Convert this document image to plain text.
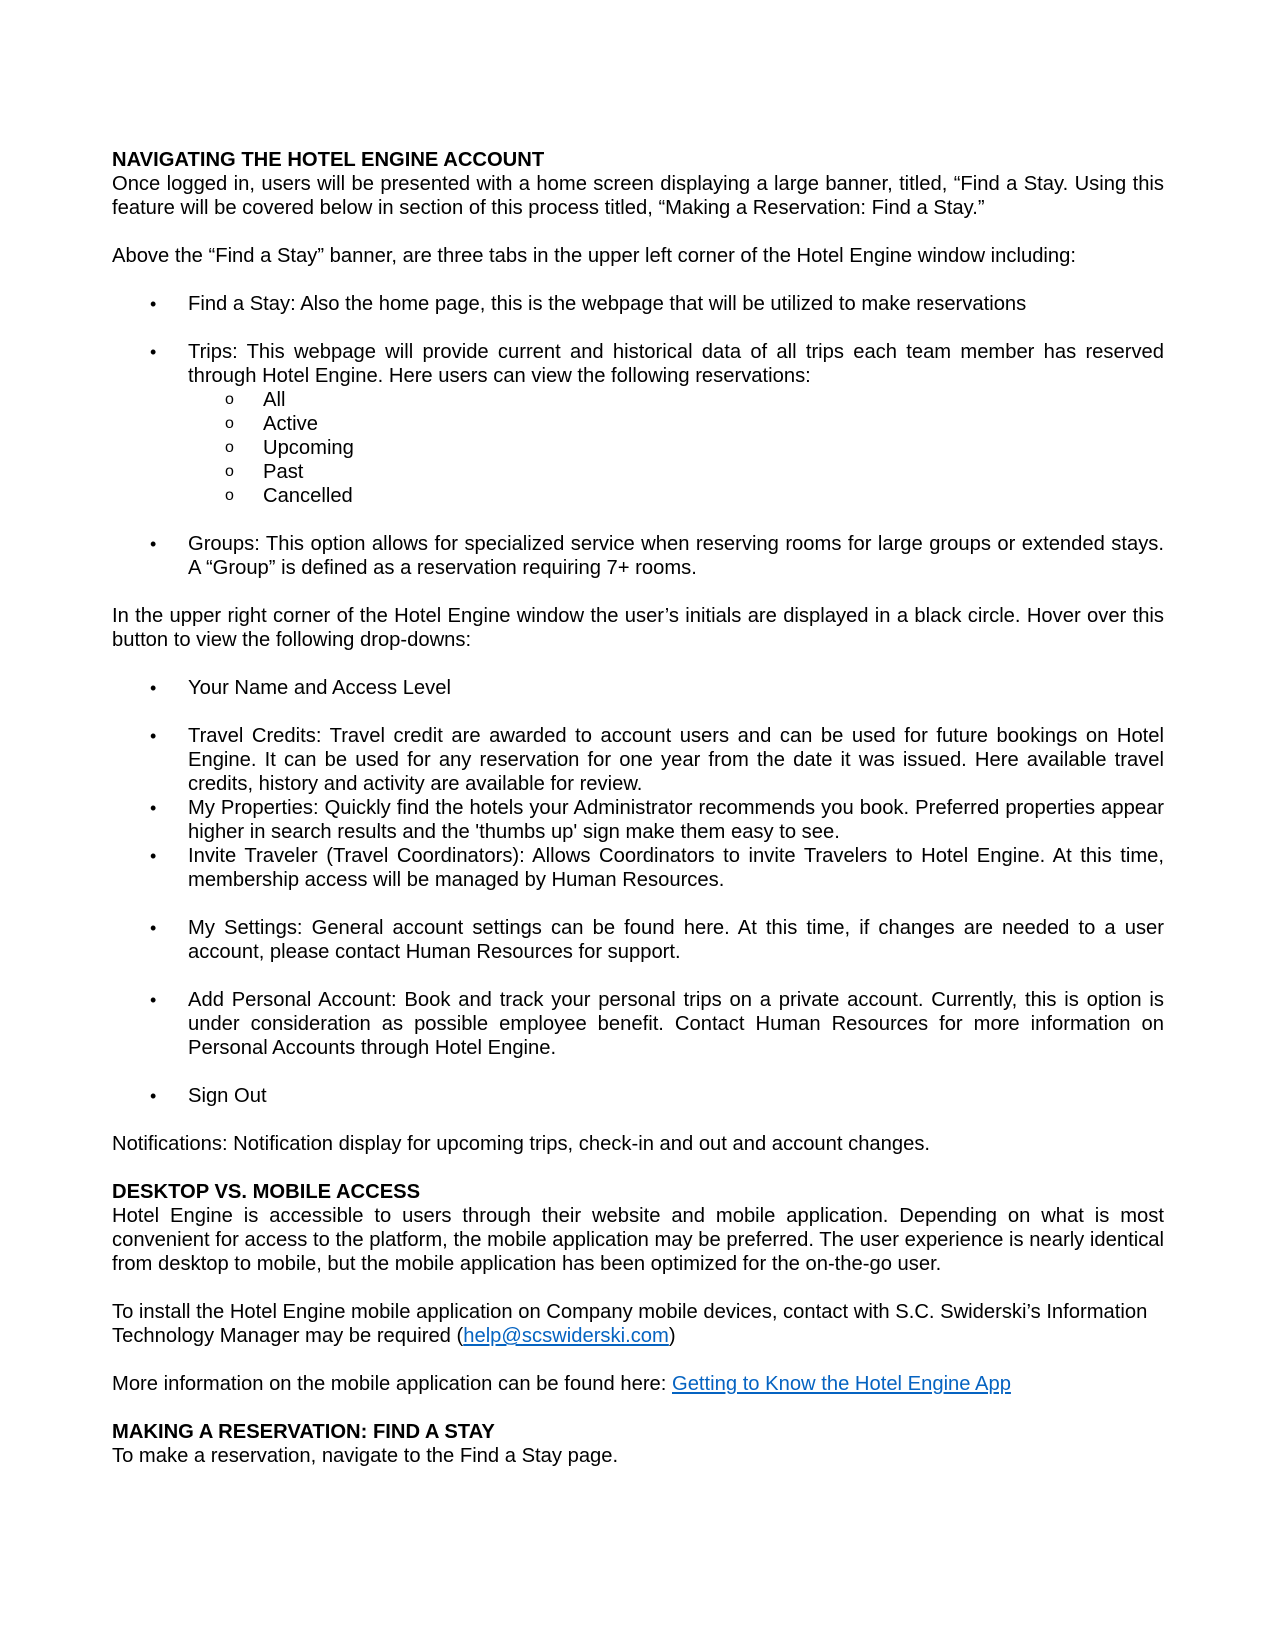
NAVIGATING THE HOTEL ENGINE ACCOUNT

Once logged in, users will be presented with a home screen displaying a large banner, titled, “Find a Stay. Using this feature will be covered below in section of this process titled, “Making a Reservation: Find a Stay.”

Above the “Find a Stay” banner, are three tabs in the upper left corner of the Hotel Engine window including:

• Find a Stay: Also the home page, this is the webpage that will be utilized to make reservations
• Trips: This webpage will provide current and historical data of all trips each team member has reserved through Hotel Engine. Here users can view the following reservations:
o All
o Active
o Upcoming
o Past
o Cancelled
• Groups: This option allows for specialized service when reserving rooms for large groups or extended stays. A “Group” is defined as a reservation requiring 7+ rooms.

In the upper right corner of the Hotel Engine window the user’s initials are displayed in a black circle. Hover over this button to view the following drop-downs:

• Your Name and Access Level
• Travel Credits: Travel credit are awarded to account users and can be used for future bookings on Hotel Engine. It can be used for any reservation for one year from the date it was issued. Here available travel credits, history and activity are available for review.
• My Properties: Quickly find the hotels your Administrator recommends you book. Preferred properties appear higher in search results and the 'thumbs up' sign make them easy to see.
• Invite Traveler (Travel Coordinators): Allows Coordinators to invite Travelers to Hotel Engine. At this time, membership access will be managed by Human Resources.
• My Settings: General account settings can be found here. At this time, if changes are needed to a user account, please contact Human Resources for support.
• Add Personal Account: Book and track your personal trips on a private account. Currently, this is option is under consideration as possible employee benefit. Contact Human Resources for more information on Personal Accounts through Hotel Engine.
• Sign Out

Notifications: Notification display for upcoming trips, check-in and out and account changes.

DESKTOP VS. MOBILE ACCESS

Hotel Engine is accessible to users through their website and mobile application. Depending on what is most convenient for access to the platform, the mobile application may be preferred. The user experience is nearly identical from desktop to mobile, but the mobile application has been optimized for the on-the-go user.

To install the Hotel Engine mobile application on Company mobile devices, contact with S.C. Swiderski’s Information Technology Manager may be required (help@scswiderski.com)

More information on the mobile application can be found here: Getting to Know the Hotel Engine App

MAKING A RESERVATION: FIND A STAY

To make a reservation, navigate to the Find a Stay page.
